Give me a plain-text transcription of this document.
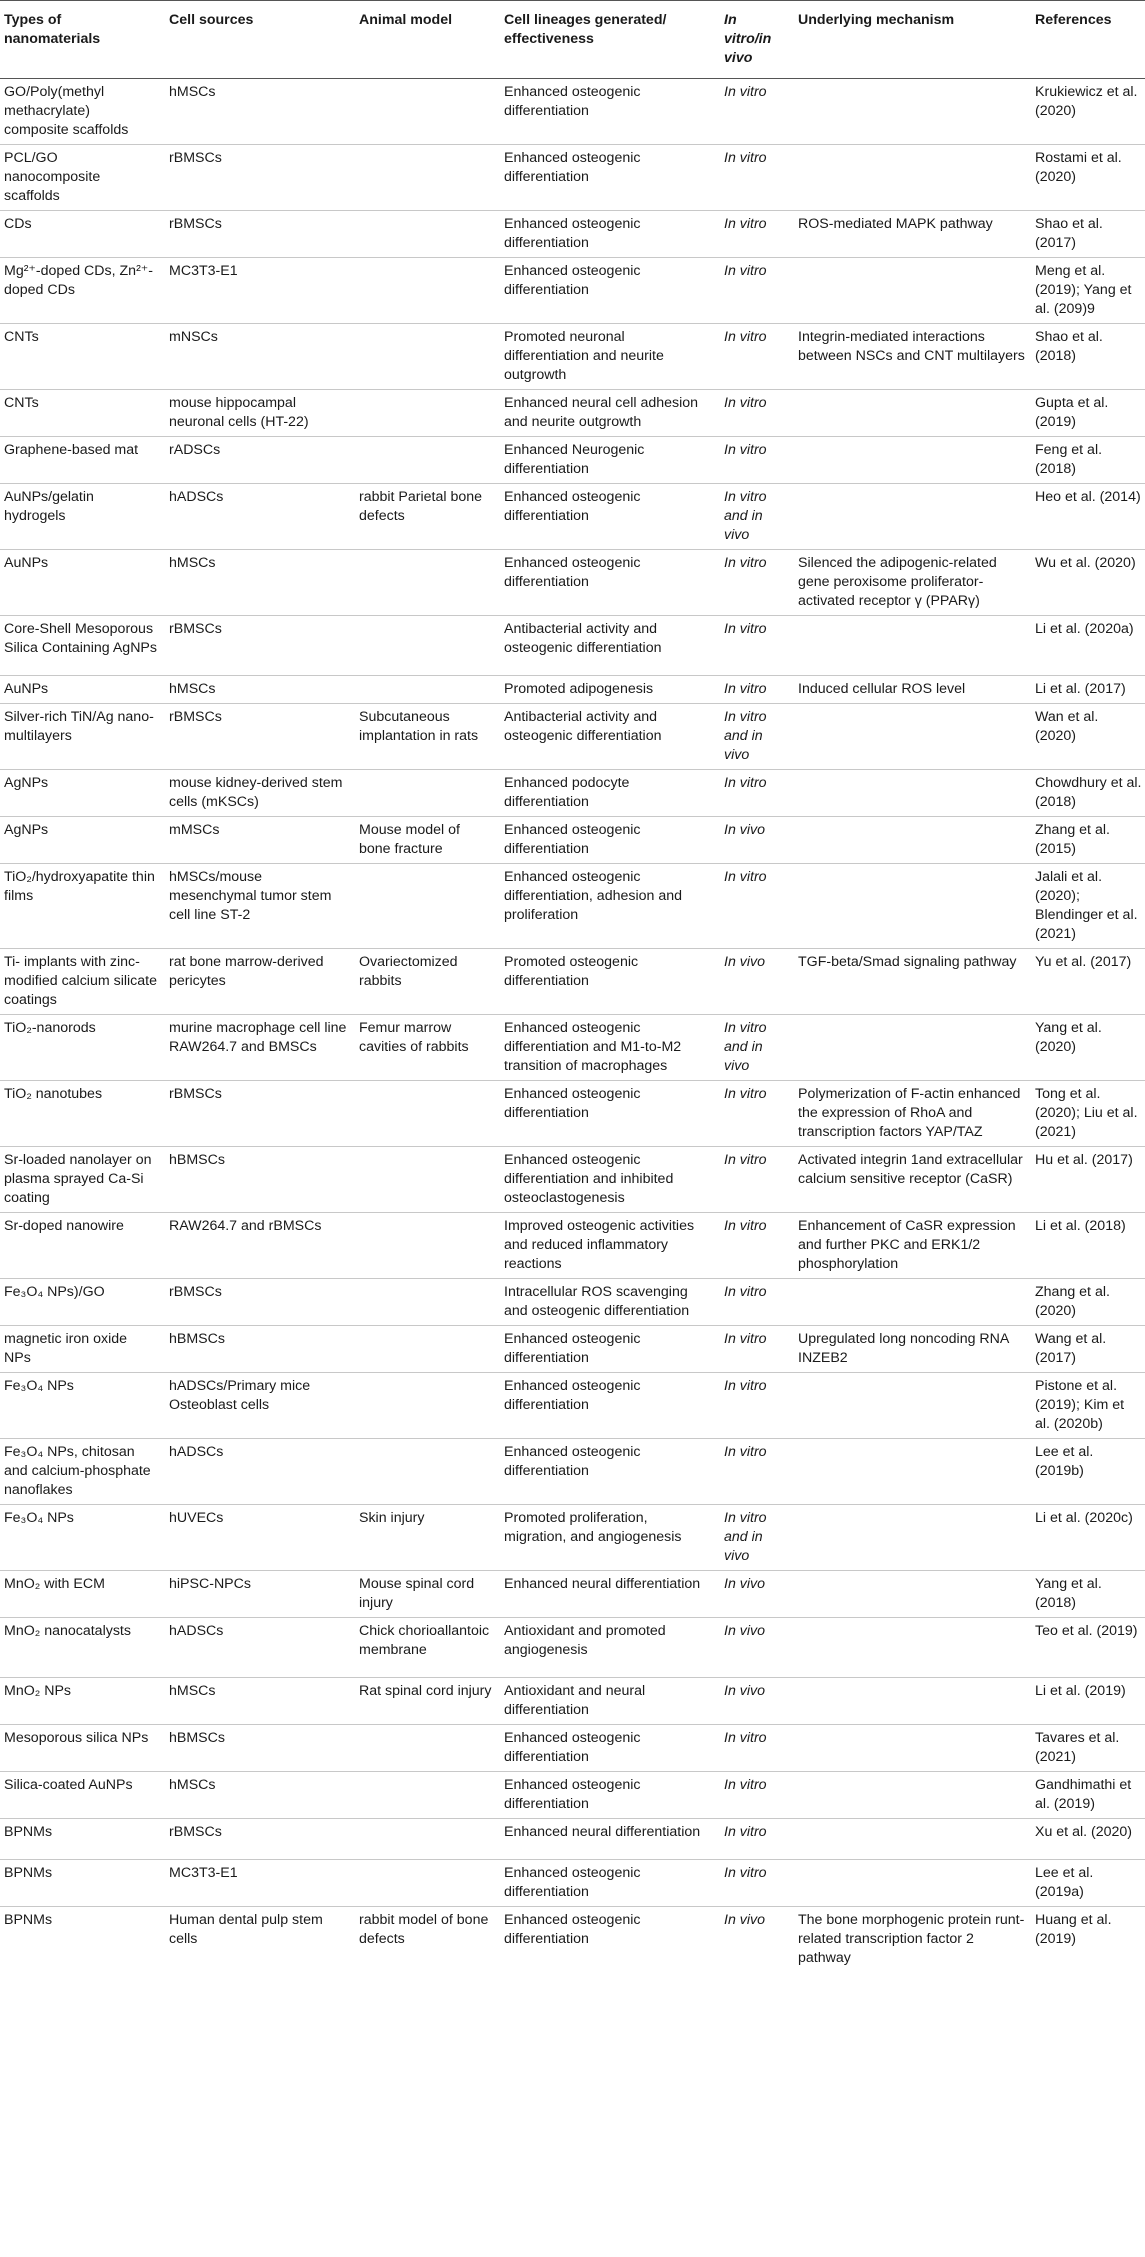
Types of nanomaterials	Cell sources	Animal model	Cell lineages generated/ effectiveness	In vitro/in vivo	Underlying mechanism	References
GO/Poly(methyl methacrylate) composite scaffolds	hMSCs		Enhanced osteogenic differentiation	In vitro		Krukiewicz et al. (2020)
PCL/GO nanocomposite scaffolds	rBMSCs		Enhanced osteogenic differentiation	In vitro		Rostami et al. (2020)
CDs	rBMSCs		Enhanced osteogenic differentiation	In vitro	ROS-mediated MAPK pathway	Shao et al. (2017)
Mg²⁺-doped CDs, Zn²⁺-doped CDs	MC3T3-E1		Enhanced osteogenic differentiation	In vitro		Meng et al. (2019); Yang et al. (209)9
CNTs	mNSCs		Promoted neuronal differentiation and neurite outgrowth	In vitro	Integrin-mediated interactions between NSCs and CNT multilayers	Shao et al. (2018)
CNTs	mouse hippocampal neuronal cells (HT-22)		Enhanced neural cell adhesion and neurite outgrowth	In vitro		Gupta et al. (2019)
Graphene-based mat	rADSCs		Enhanced Neurogenic differentiation	In vitro		Feng et al. (2018)
AuNPs/gelatin hydrogels	hADSCs	rabbit Parietal bone defects	Enhanced osteogenic differentiation	In vitro and in vivo		Heo et al. (2014)
AuNPs	hMSCs		Enhanced osteogenic differentiation	In vitro	Silenced the adipogenic-related gene peroxisome proliferator-activated receptor γ (PPARγ)	Wu et al. (2020)
Core-Shell Mesoporous Silica Containing AgNPs	rBMSCs		Antibacterial activity and osteogenic differentiation	In vitro		Li et al. (2020a)
AuNPs	hMSCs		Promoted adipogenesis	In vitro	Induced cellular ROS level	Li et al. (2017)
Silver-rich TiN/Ag nano-multilayers	rBMSCs	Subcutaneous implantation in rats	Antibacterial activity and osteogenic differentiation	In vitro and in vivo		Wan et al. (2020)
AgNPs	mouse kidney-derived stem cells (mKSCs)		Enhanced podocyte differentiation	In vitro		Chowdhury et al. (2018)
AgNPs	mMSCs	Mouse model of bone fracture	Enhanced osteogenic differentiation	In vivo		Zhang et al. (2015)
TiO₂/hydroxyapatite thin films	hMSCs/mouse mesenchymal tumor stem cell line ST-2		Enhanced osteogenic differentiation, adhesion and proliferation	In vitro		Jalali et al. (2020); Blendinger et al. (2021)
Ti- implants with zinc-modified calcium silicate coatings	rat bone marrow-derived pericytes	Ovariectomized rabbits	Promoted osteogenic differentiation	In vivo	TGF-beta/Smad signaling pathway	Yu et al. (2017)
TiO₂-nanorods	murine macrophage cell line RAW264.7 and BMSCs	Femur marrow cavities of rabbits	Enhanced osteogenic differentiation and M1-to-M2 transition of macrophages	In vitro and in vivo		Yang et al. (2020)
TiO₂ nanotubes	rBMSCs		Enhanced osteogenic differentiation	In vitro	Polymerization of F-actin enhanced the expression of RhoA and transcription factors YAP/TAZ	Tong et al. (2020); Liu et al. (2021)
Sr-loaded nanolayer on plasma sprayed Ca-Si coating	hBMSCs		Enhanced osteogenic differentiation and inhibited osteoclastogenesis	In vitro	Activated integrin 1and extracellular calcium sensitive receptor (CaSR)	Hu et al. (2017)
Sr-doped nanowire	RAW264.7 and rBMSCs		Improved osteogenic activities and reduced inflammatory reactions	In vitro	Enhancement of CaSR expression and further PKC and ERK1/2 phosphorylation	Li et al. (2018)
Fe₃O₄ NPs)/GO	rBMSCs		Intracellular ROS scavenging and osteogenic differentiation	In vitro		Zhang et al. (2020)
magnetic iron oxide NPs	hBMSCs		Enhanced osteogenic differentiation	In vitro	Upregulated long noncoding RNA INZEB2	Wang et al. (2017)
Fe₃O₄ NPs	hADSCs/Primary mice Osteoblast cells		Enhanced osteogenic differentiation	In vitro		Pistone et al. (2019); Kim et al. (2020b)
Fe₃O₄ NPs, chitosan and calcium-phosphate nanoflakes	hADSCs		Enhanced osteogenic differentiation	In vitro		Lee et al. (2019b)
Fe₃O₄ NPs	hUVECs	Skin injury	Promoted proliferation, migration, and angiogenesis	In vitro and in vivo		Li et al. (2020c)
MnO₂ with ECM	hiPSC-NPCs	Mouse spinal cord injury	Enhanced neural differentiation	In vivo		Yang et al. (2018)
MnO₂ nanocatalysts	hADSCs	Chick chorioallantoic membrane	Antioxidant and promoted angiogenesis	In vivo		Teo et al. (2019)
MnO₂ NPs	hMSCs	Rat spinal cord injury	Antioxidant and neural differentiation	In vivo		Li et al. (2019)
Mesoporous silica NPs	hBMSCs		Enhanced osteogenic differentiation	In vitro		Tavares et al. (2021)
Silica-coated AuNPs	hMSCs		Enhanced osteogenic differentiation	In vitro		Gandhimathi et al. (2019)
BPNMs	rBMSCs		Enhanced neural differentiation	In vitro		Xu et al. (2020)
BPNMs	MC3T3-E1		Enhanced osteogenic differentiation	In vitro		Lee et al. (2019a)
BPNMs	Human dental pulp stem cells	rabbit model of bone defects	Enhanced osteogenic differentiation	In vivo	The bone morphogenic protein runt-related transcription factor 2 pathway	Huang et al. (2019)
